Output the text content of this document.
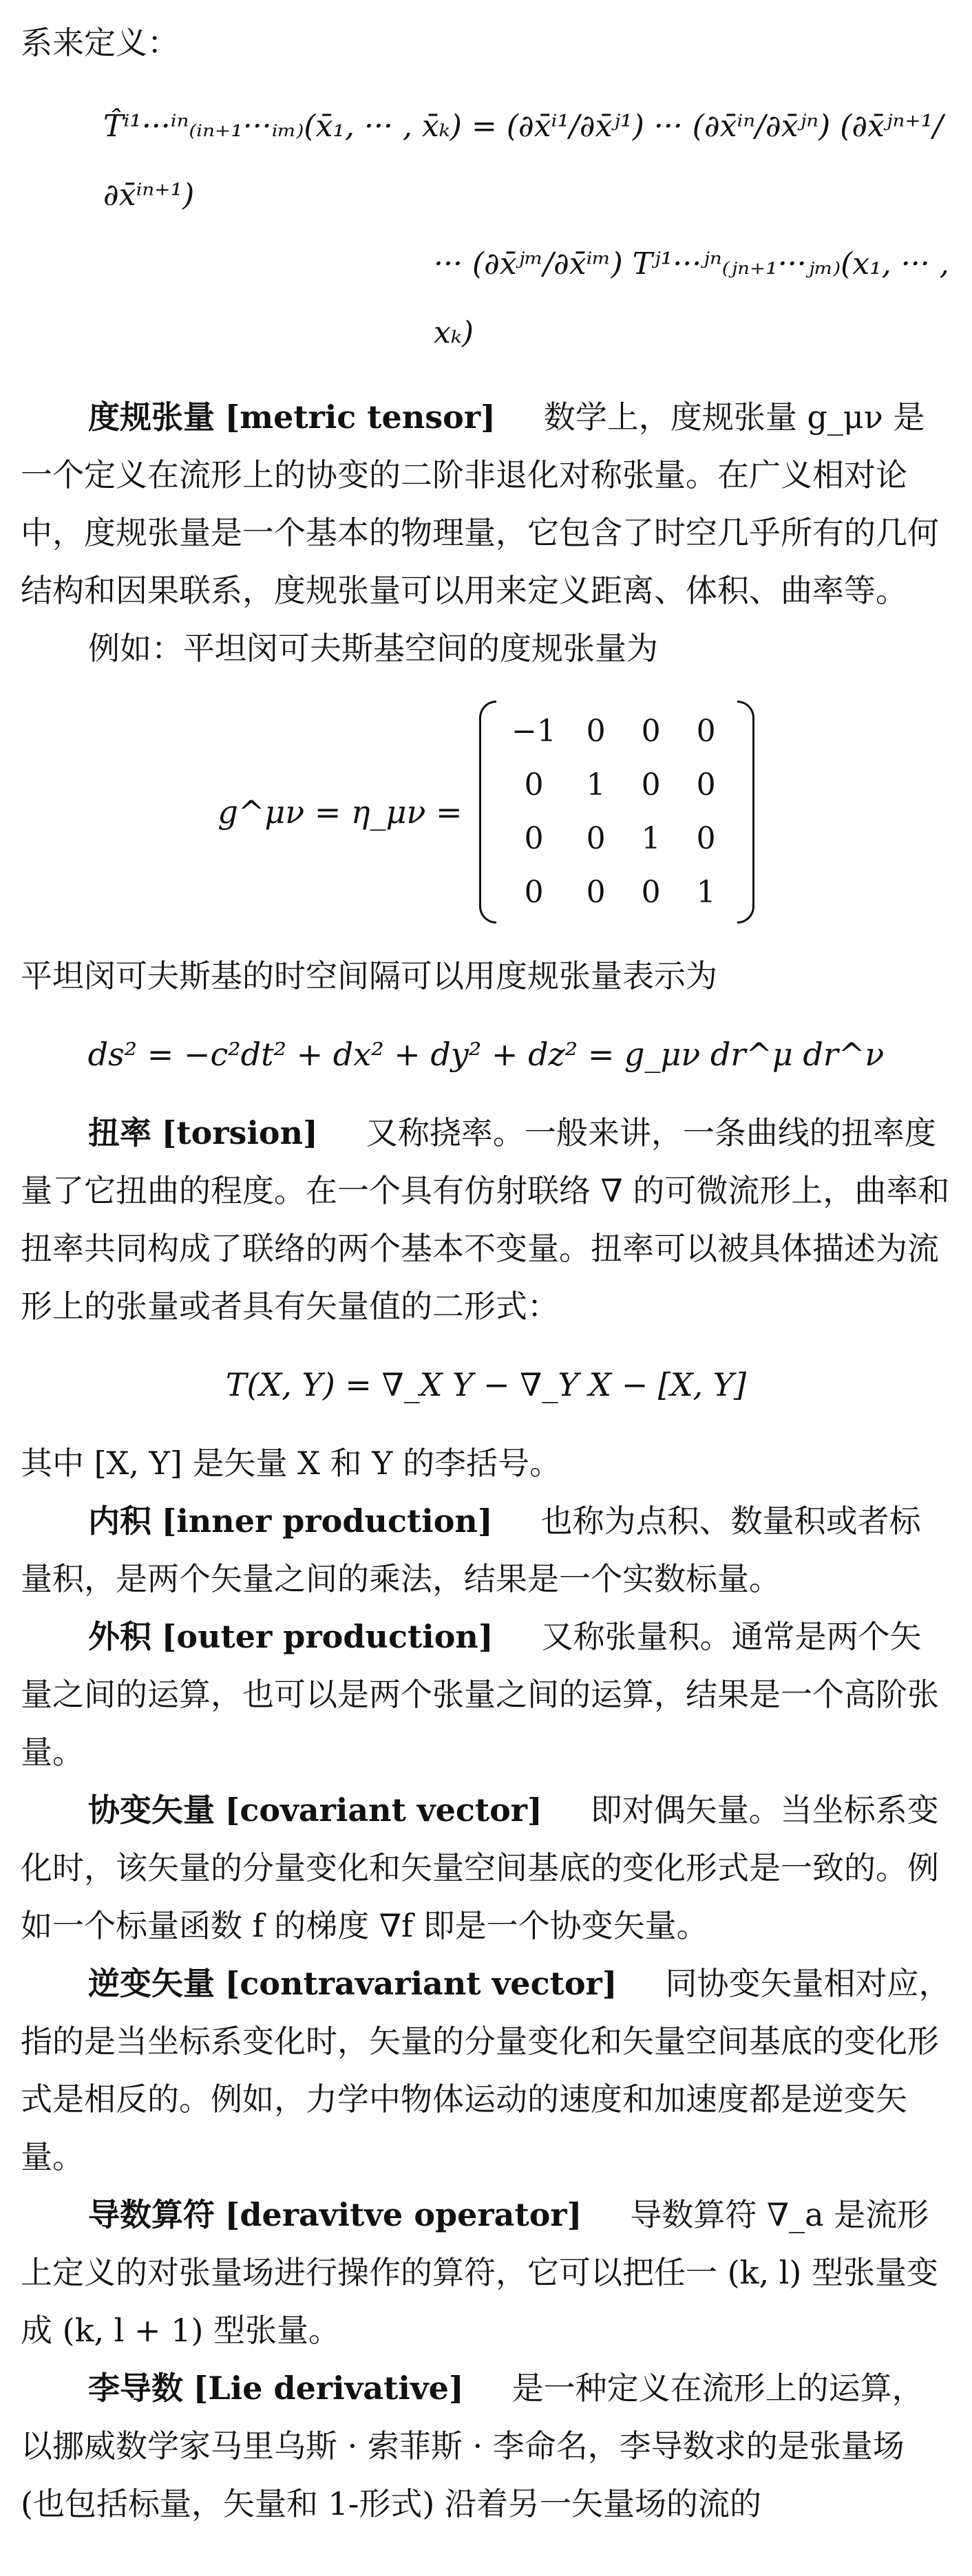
系来定义：

T̂ⁱ¹···ⁱⁿ₍ᵢₙ₊₁···ᵢₘ₎(x̄₁, ··· , x̄ₖ) = (∂x̄ⁱ¹/∂x̄ʲ¹) ··· (∂x̄ⁱⁿ/∂x̄ʲⁿ) (∂x̄ʲⁿ⁺¹/∂x̄ⁱⁿ⁺¹)
··· (∂x̄ʲᵐ/∂x̄ⁱᵐ) Tʲ¹···ʲⁿ₍ⱼₙ₊₁···ⱼₘ₎(x₁, ··· , xₖ)

度规张量 [metric tensor] 数学上，度规张量 g_μν 是一个定义在流形上的协变的二阶非退化对称张量。在广义相对论中，度规张量是一个基本的物理量，它包含了时空几乎所有的几何结构和因果联系，度规张量可以用来定义距离、体积、曲率等。

例如：平坦闵可夫斯基空间的度规张量为

g^μν = η_μν =
−1 0	0	0
0	1	0	0
0	0	1	0
0	0	0	1

平坦闵可夫斯基的时空间隔可以用度规张量表示为

ds² = −c²dt² + dx² + dy² + dz² = g_μν dr^μ dr^ν

扭率 [torsion] 又称挠率。一般来讲，一条曲线的扭率度量了它扭曲的程度。在一个具有仿射联络 ∇ 的可微流形上，曲率和扭率共同构成了联络的两个基本不变量。扭率可以被具体描述为流形上的张量或者具有矢量值的二形式：

T(X, Y) = ∇_X Y − ∇_Y X − [X, Y]

其中 [X, Y] 是矢量 X 和 Y 的李括号。

内积 [inner production] 也称为点积、数量积或者标量积，是两个矢量之间的乘法，结果是一个实数标量。

外积 [outer production] 又称张量积。通常是两个矢量之间的运算，也可以是两个张量之间的运算，结果是一个高阶张量。

协变矢量 [covariant vector] 即对偶矢量。当坐标系变化时，该矢量的分量变化和矢量空间基底的变化形式是一致的。例如一个标量函数 f 的梯度 ∇f 即是一个协变矢量。

逆变矢量 [contravariant vector] 同协变矢量相对应，指的是当坐标系变化时，矢量的分量变化和矢量空间基底的变化形式是相反的。例如，力学中物体运动的速度和加速度都是逆变矢量。

导数算符 [deravitve operator] 导数算符 ∇_a 是流形上定义的对张量场进行操作的算符，它可以把任一 (k, l) 型张量变成 (k, l + 1) 型张量。

李导数 [Lie derivative] 是一种定义在流形上的运算，以挪威数学家马里乌斯 · 索菲斯 · 李命名，李导数求的是张量场 (也包括标量，矢量和 1-形式) 沿着另一矢量场的流的
